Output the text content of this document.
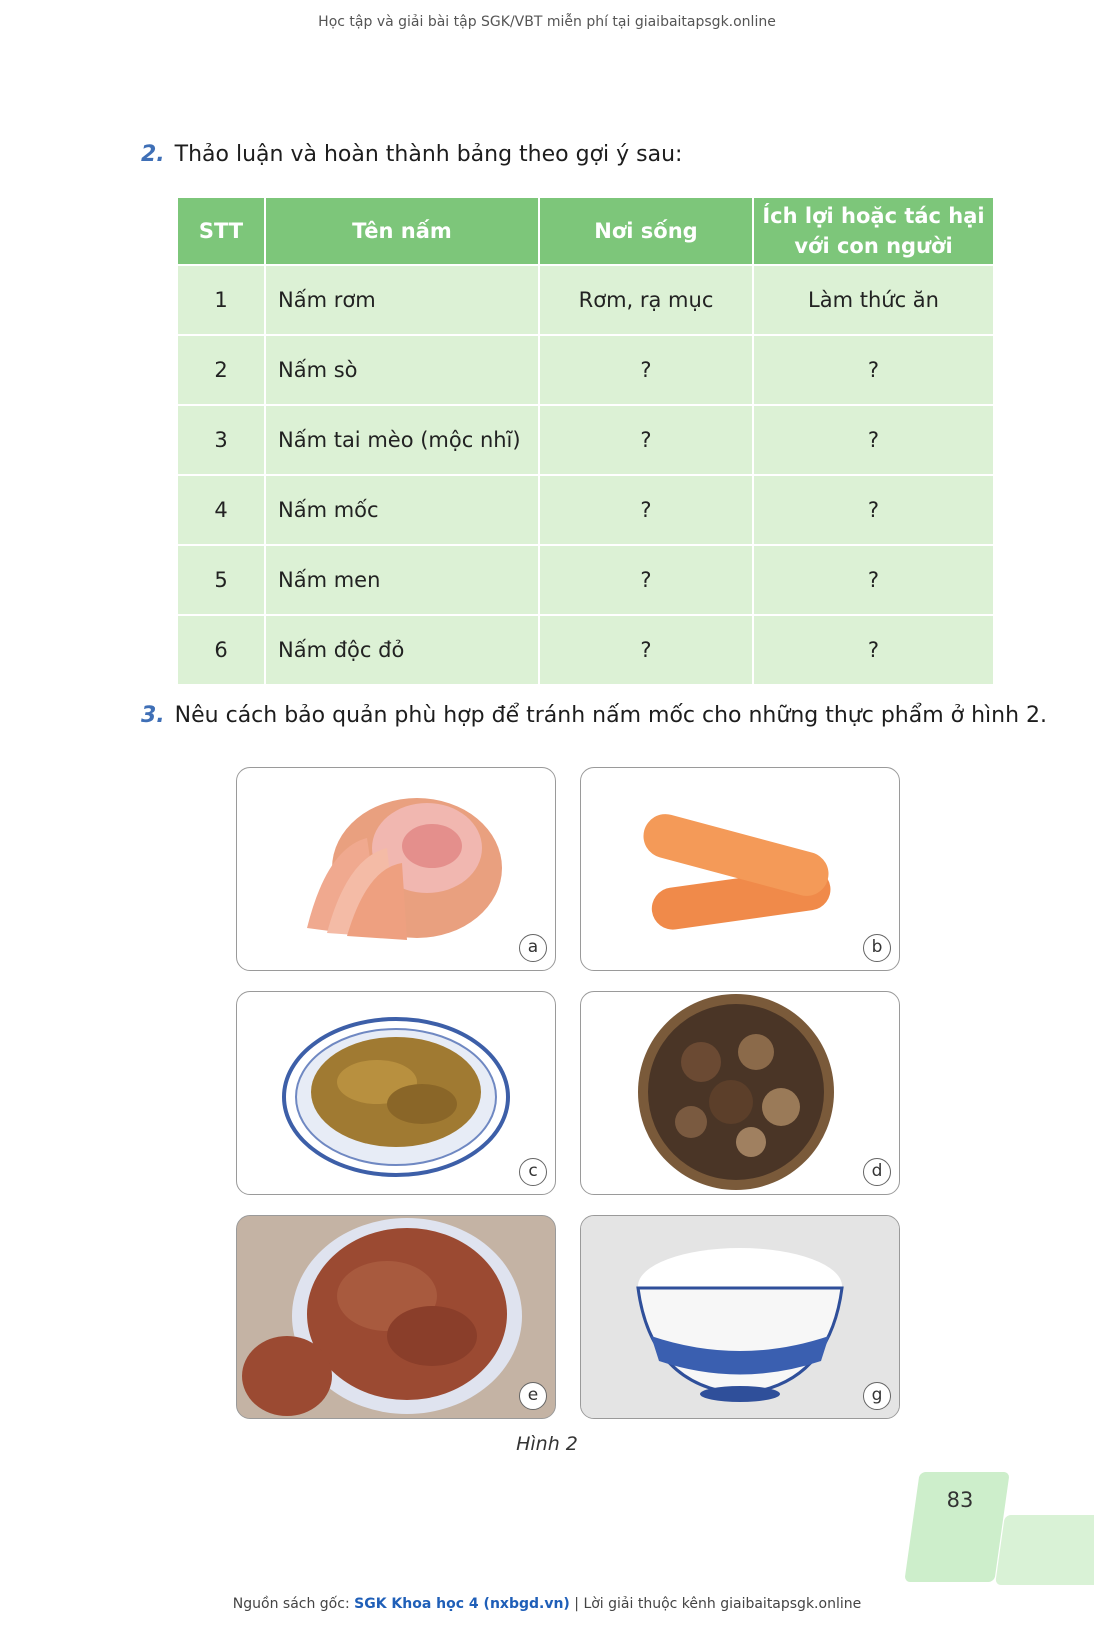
Học tập và giải bài tập SGK/VBT miễn phí tại giaibaitapsgk.online
2. Thảo luận và hoàn thành bảng theo gợi ý sau:
STT	Tên nấm	Nơi sống	Ích lợi hoặc tác hại với con người
1	Nấm rơm	Rơm, rạ mục	Làm thức ăn
2	Nấm sò	?	?
3	Nấm tai mèo (mộc nhĩ)	?	?
4	Nấm mốc	?	?
5	Nấm men	?	?
6	Nấm độc đỏ	?	?
3. Nêu cách bảo quản phù hợp để tránh nấm mốc cho những thực phẩm ở hình 2.
a	b
c	d
e	g
Hình 2
83
Nguồn sách gốc: SGK Khoa học 4 (nxbgd.vn) | Lời giải thuộc kênh giaibaitapsgk.online
